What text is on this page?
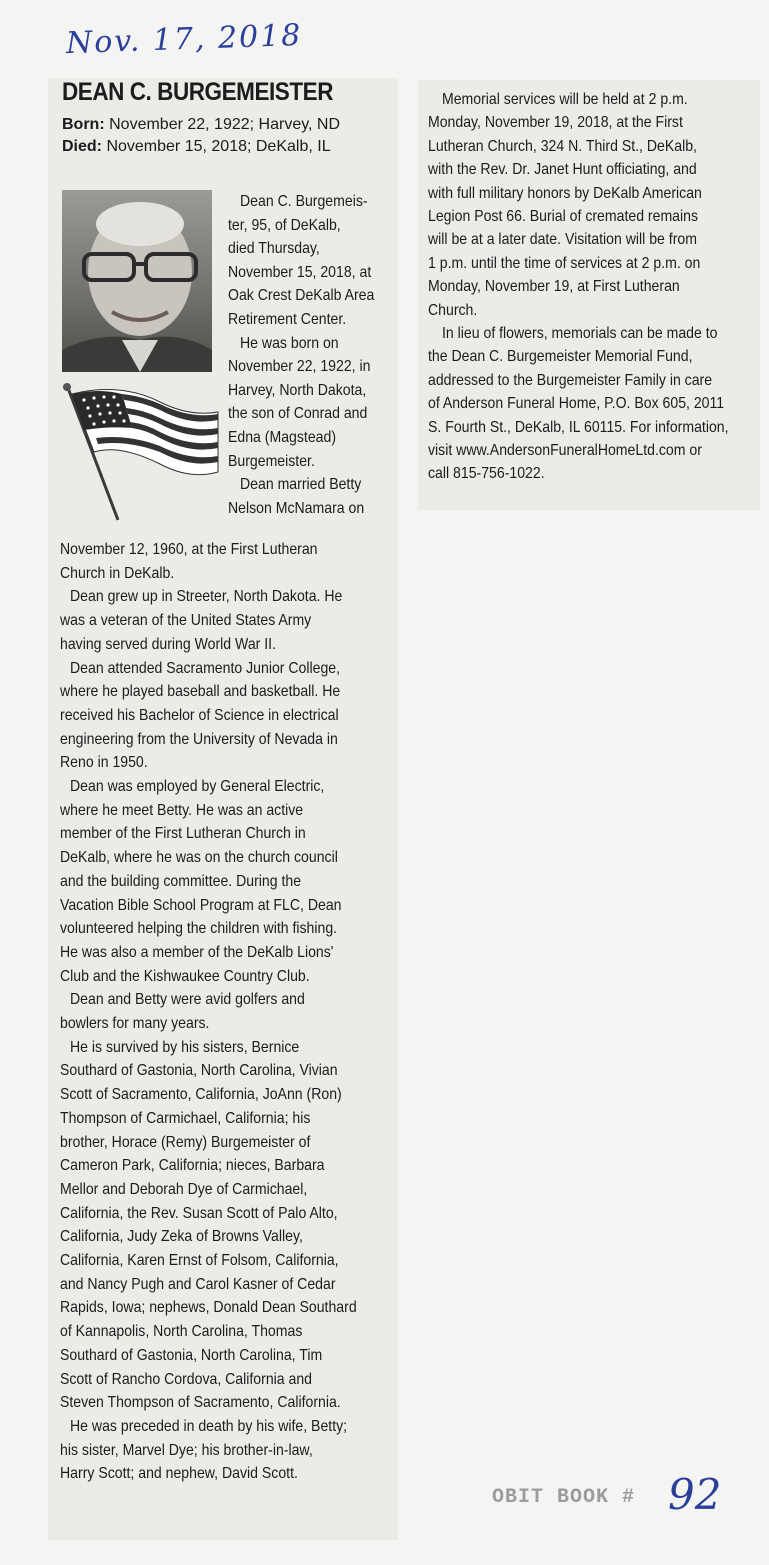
Nov. 17, 2018
DEAN C. BURGEMEISTER
Born: November 22, 1922; Harvey, ND
Died: November 15, 2018; DeKalb, IL
Dean C. Burgemeis-
ter, 95, of DeKalb,
died Thursday,
November 15, 2018, at
Oak Crest DeKalb Area
Retirement Center.
He was born on
November 22, 1922, in
Harvey, North Dakota,
the son of Conrad and
Edna (Magstead)
Burgemeister.
Dean married Betty
Nelson McNamara on
November 12, 1960, at the First Lutheran
Church in DeKalb.
Dean grew up in Streeter, North Dakota. He
was a veteran of the United States Army
having served during World War II.
Dean attended Sacramento Junior College,
where he played baseball and basketball. He
received his Bachelor of Science in electrical
engineering from the University of Nevada in
Reno in 1950.
Dean was employed by General Electric,
where he meet Betty. He was an active
member of the First Lutheran Church in
DeKalb, where he was on the church council
and the building committee. During the
Vacation Bible School Program at FLC, Dean
volunteered helping the children with fishing.
He was also a member of the DeKalb Lions'
Club and the Kishwaukee Country Club.
Dean and Betty were avid golfers and
bowlers for many years.
He is survived by his sisters, Bernice
Southard of Gastonia, North Carolina, Vivian
Scott of Sacramento, California, JoAnn (Ron)
Thompson of Carmichael, California; his
brother, Horace (Remy) Burgemeister of
Cameron Park, California; nieces, Barbara
Mellor and Deborah Dye of Carmichael,
California, the Rev. Susan Scott of Palo Alto,
California, Judy Zeka of Browns Valley,
California, Karen Ernst of Folsom, California,
and Nancy Pugh and Carol Kasner of Cedar
Rapids, Iowa; nephews, Donald Dean Southard
of Kannapolis, North Carolina, Thomas
Southard of Gastonia, North Carolina, Tim
Scott of Rancho Cordova, California and
Steven Thompson of Sacramento, California.
He was preceded in death by his wife, Betty;
his sister, Marvel Dye; his brother-in-law,
Harry Scott; and nephew, David Scott.
Memorial services will be held at 2 p.m.
Monday, November 19, 2018, at the First
Lutheran Church, 324 N. Third St., DeKalb,
with the Rev. Dr. Janet Hunt officiating, and
with full military honors by DeKalb American
Legion Post 66. Burial of cremated remains
will be at a later date. Visitation will be from
1 p.m. until the time of services at 2 p.m. on
Monday, November 19, at First Lutheran
Church.
In lieu of flowers, memorials can be made to
the Dean C. Burgemeister Memorial Fund,
addressed to the Burgemeister Family in care
of Anderson Funeral Home, P.O. Box 605, 2011
S. Fourth St., DeKalb, IL 60115. For information,
visit www.AndersonFuneralHomeLtd.com or
call 815-756-1022.
OBIT BOOK # 92
